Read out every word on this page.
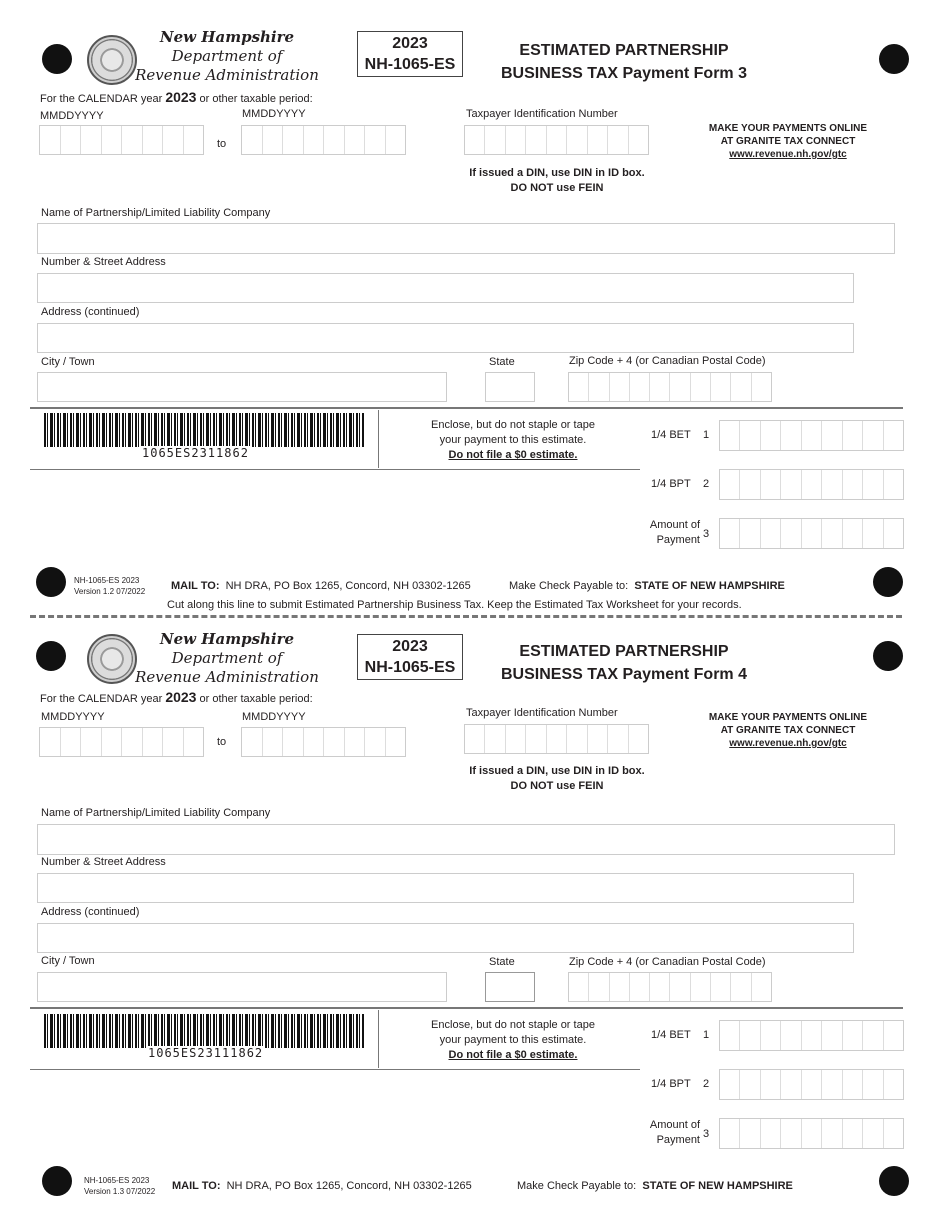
New Hampshire
Department of
Revenue Administration
2023
NH-1065-ES
ESTIMATED PARTNERSHIP
BUSINESS TAX Payment Form 3
For the CALENDAR year 2023 or other taxable period:
MMDDYYYY	MMDDYYYY
to
Taxpayer Identification Number
If issued a DIN, use DIN in ID box.
DO NOT use FEIN
MAKE YOUR PAYMENTS ONLINE
AT GRANITE TAX CONNECT
www.revenue.nh.gov/gtc
Name of Partnership/Limited Liability Company
Number & Street Address
Address (continued)
City / Town	State	Zip Code + 4 (or Canadian Postal Code)
1065ES2311862
Enclose, but do not staple or tape
your payment to this estimate.
Do not file a $0 estimate.
1/4 BET 1
1/4 BPT 2
Amount of
Payment 3
NH-1065-ES 2023
Version 1.2 07/2022 MAIL TO: NH DRA, PO Box 1265, Concord, NH 03302-1265	Make Check Payable to: STATE OF NEW HAMPSHIRE
Cut along this line to submit Estimated Partnership Business Tax. Keep the Estimated Tax Worksheet for your records.
New Hampshire
Department of
Revenue Administration
2023
NH-1065-ES
ESTIMATED PARTNERSHIP
BUSINESS TAX Payment Form 4
For the CALENDAR year 2023 or other taxable period:
MMDDYYYY	MMDDYYYY
to
Taxpayer Identification Number
If issued a DIN, use DIN in ID box.
DO NOT use FEIN
MAKE YOUR PAYMENTS ONLINE
AT GRANITE TAX CONNECT
www.revenue.nh.gov/gtc
Name of Partnership/Limited Liability Company
Number & Street Address
Address (continued)
City / Town	State	Zip Code + 4 (or Canadian Postal Code)
1065ES23111862
Enclose, but do not staple or tape
your payment to this estimate.
Do not file a $0 estimate.
1/4 BET 1
1/4 BPT 2
Amount of
Payment 3
NH-1065-ES 2023
Version 1.3 07/2022 MAIL TO: NH DRA, PO Box 1265, Concord, NH 03302-1265	Make Check Payable to: STATE OF NEW HAMPSHIRE
